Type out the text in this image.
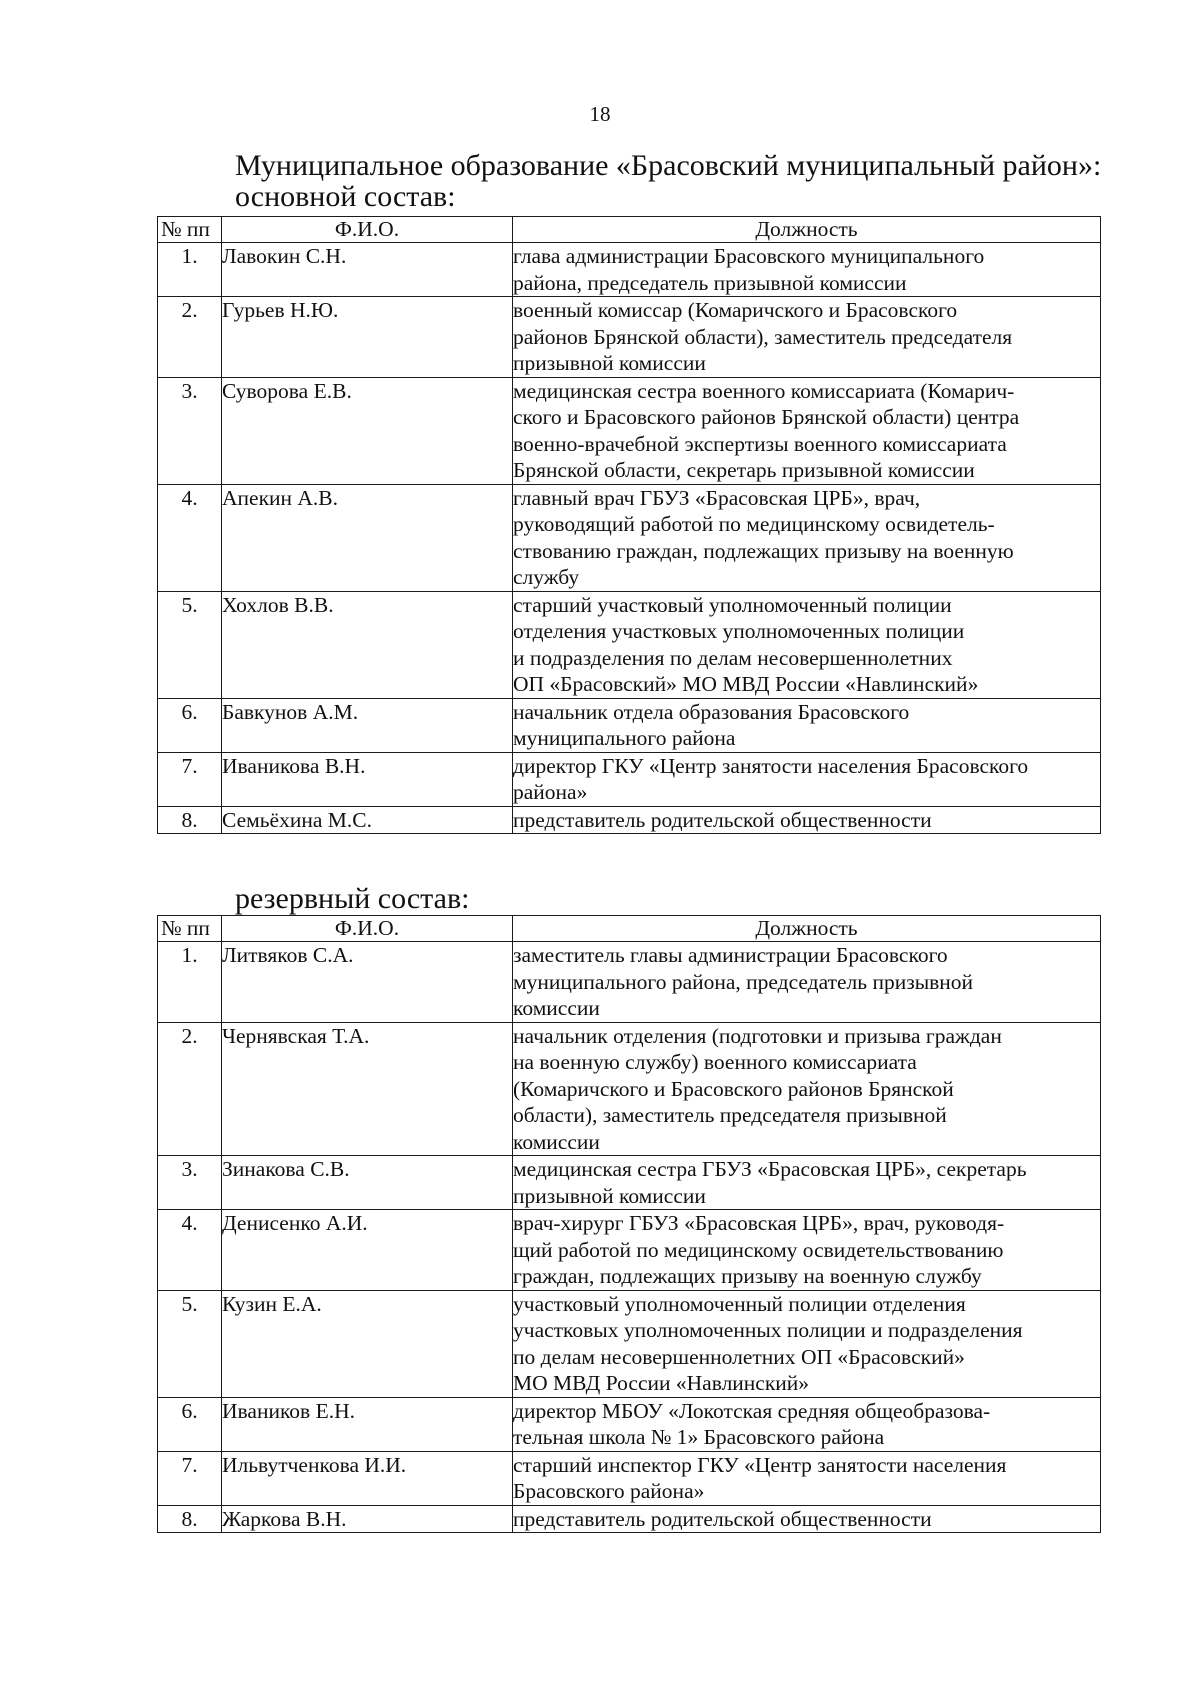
18
Муниципальное образование «Брасовский муниципальный район»:
основной состав:
№ пп	Ф.И.О.	Должность
1.	Лавокин С.Н.	глава администрации Брасовского муниципального
района, председатель призывной комиссии

2.	Гурьев Н.Ю.	военный комиссар (Комаричского и Брасовского
районов Брянской области), заместитель председателя
призывной комиссии

3.	Суворова Е.В.	медицинская сестра военного комиссариата (Комарич-
ского и Брасовского районов Брянской области) центра
военно-врачебной экспертизы военного комиссариата
Брянской области, секретарь призывной комиссии

4.	Апекин А.В.	главный врач ГБУЗ «Брасовская ЦРБ», врач,
руководящий работой по медицинскому освидетель-
ствованию граждан, подлежащих призыву на военную
службу

5.	Хохлов В.В.	старший участковый уполномоченный полиции
отделения участковых уполномоченных полиции
и подразделения по делам несовершеннолетних
ОП «Брасовский» МО МВД России «Навлинский»

6.	Бавкунов А.М.	начальник отдела образования Брасовского
муниципального района

7.	Иваникова В.Н.	директор ГКУ «Центр занятости населения Брасовского
района»

8.	Семьёхина М.С.	представитель родительской общественности
резервный состав:
№ пп	Ф.И.О.	Должность
1.	Литвяков С.А.	заместитель главы администрации Брасовского
муниципального района, председатель призывной
комиссии

2.	Чернявская Т.А.	начальник отделения (подготовки и призыва граждан
на военную службу) военного комиссариата
(Комаричского и Брасовского районов Брянской
области), заместитель председателя призывной
комиссии

3.	Зинакова С.В.	медицинская сестра ГБУЗ «Брасовская ЦРБ», секретарь
призывной комиссии

4.	Денисенко А.И.	врач-хирург ГБУЗ «Брасовская ЦРБ», врач, руководя-
щий работой по медицинскому освидетельствованию
граждан, подлежащих призыву на военную службу

5.	Кузин Е.А.	участковый уполномоченный полиции отделения
участковых уполномоченных полиции и подразделения
по делам несовершеннолетних ОП «Брасовский»
МО МВД России «Навлинский»

6.	Иваников Е.Н.	директор МБОУ «Локотская средняя общеобразова-
тельная школа № 1» Брасовского района

7.	Ильвутченкова И.И.	старший инспектор ГКУ «Центр занятости населения
Брасовского района»

8.	Жаркова В.Н.	представитель родительской общественности
